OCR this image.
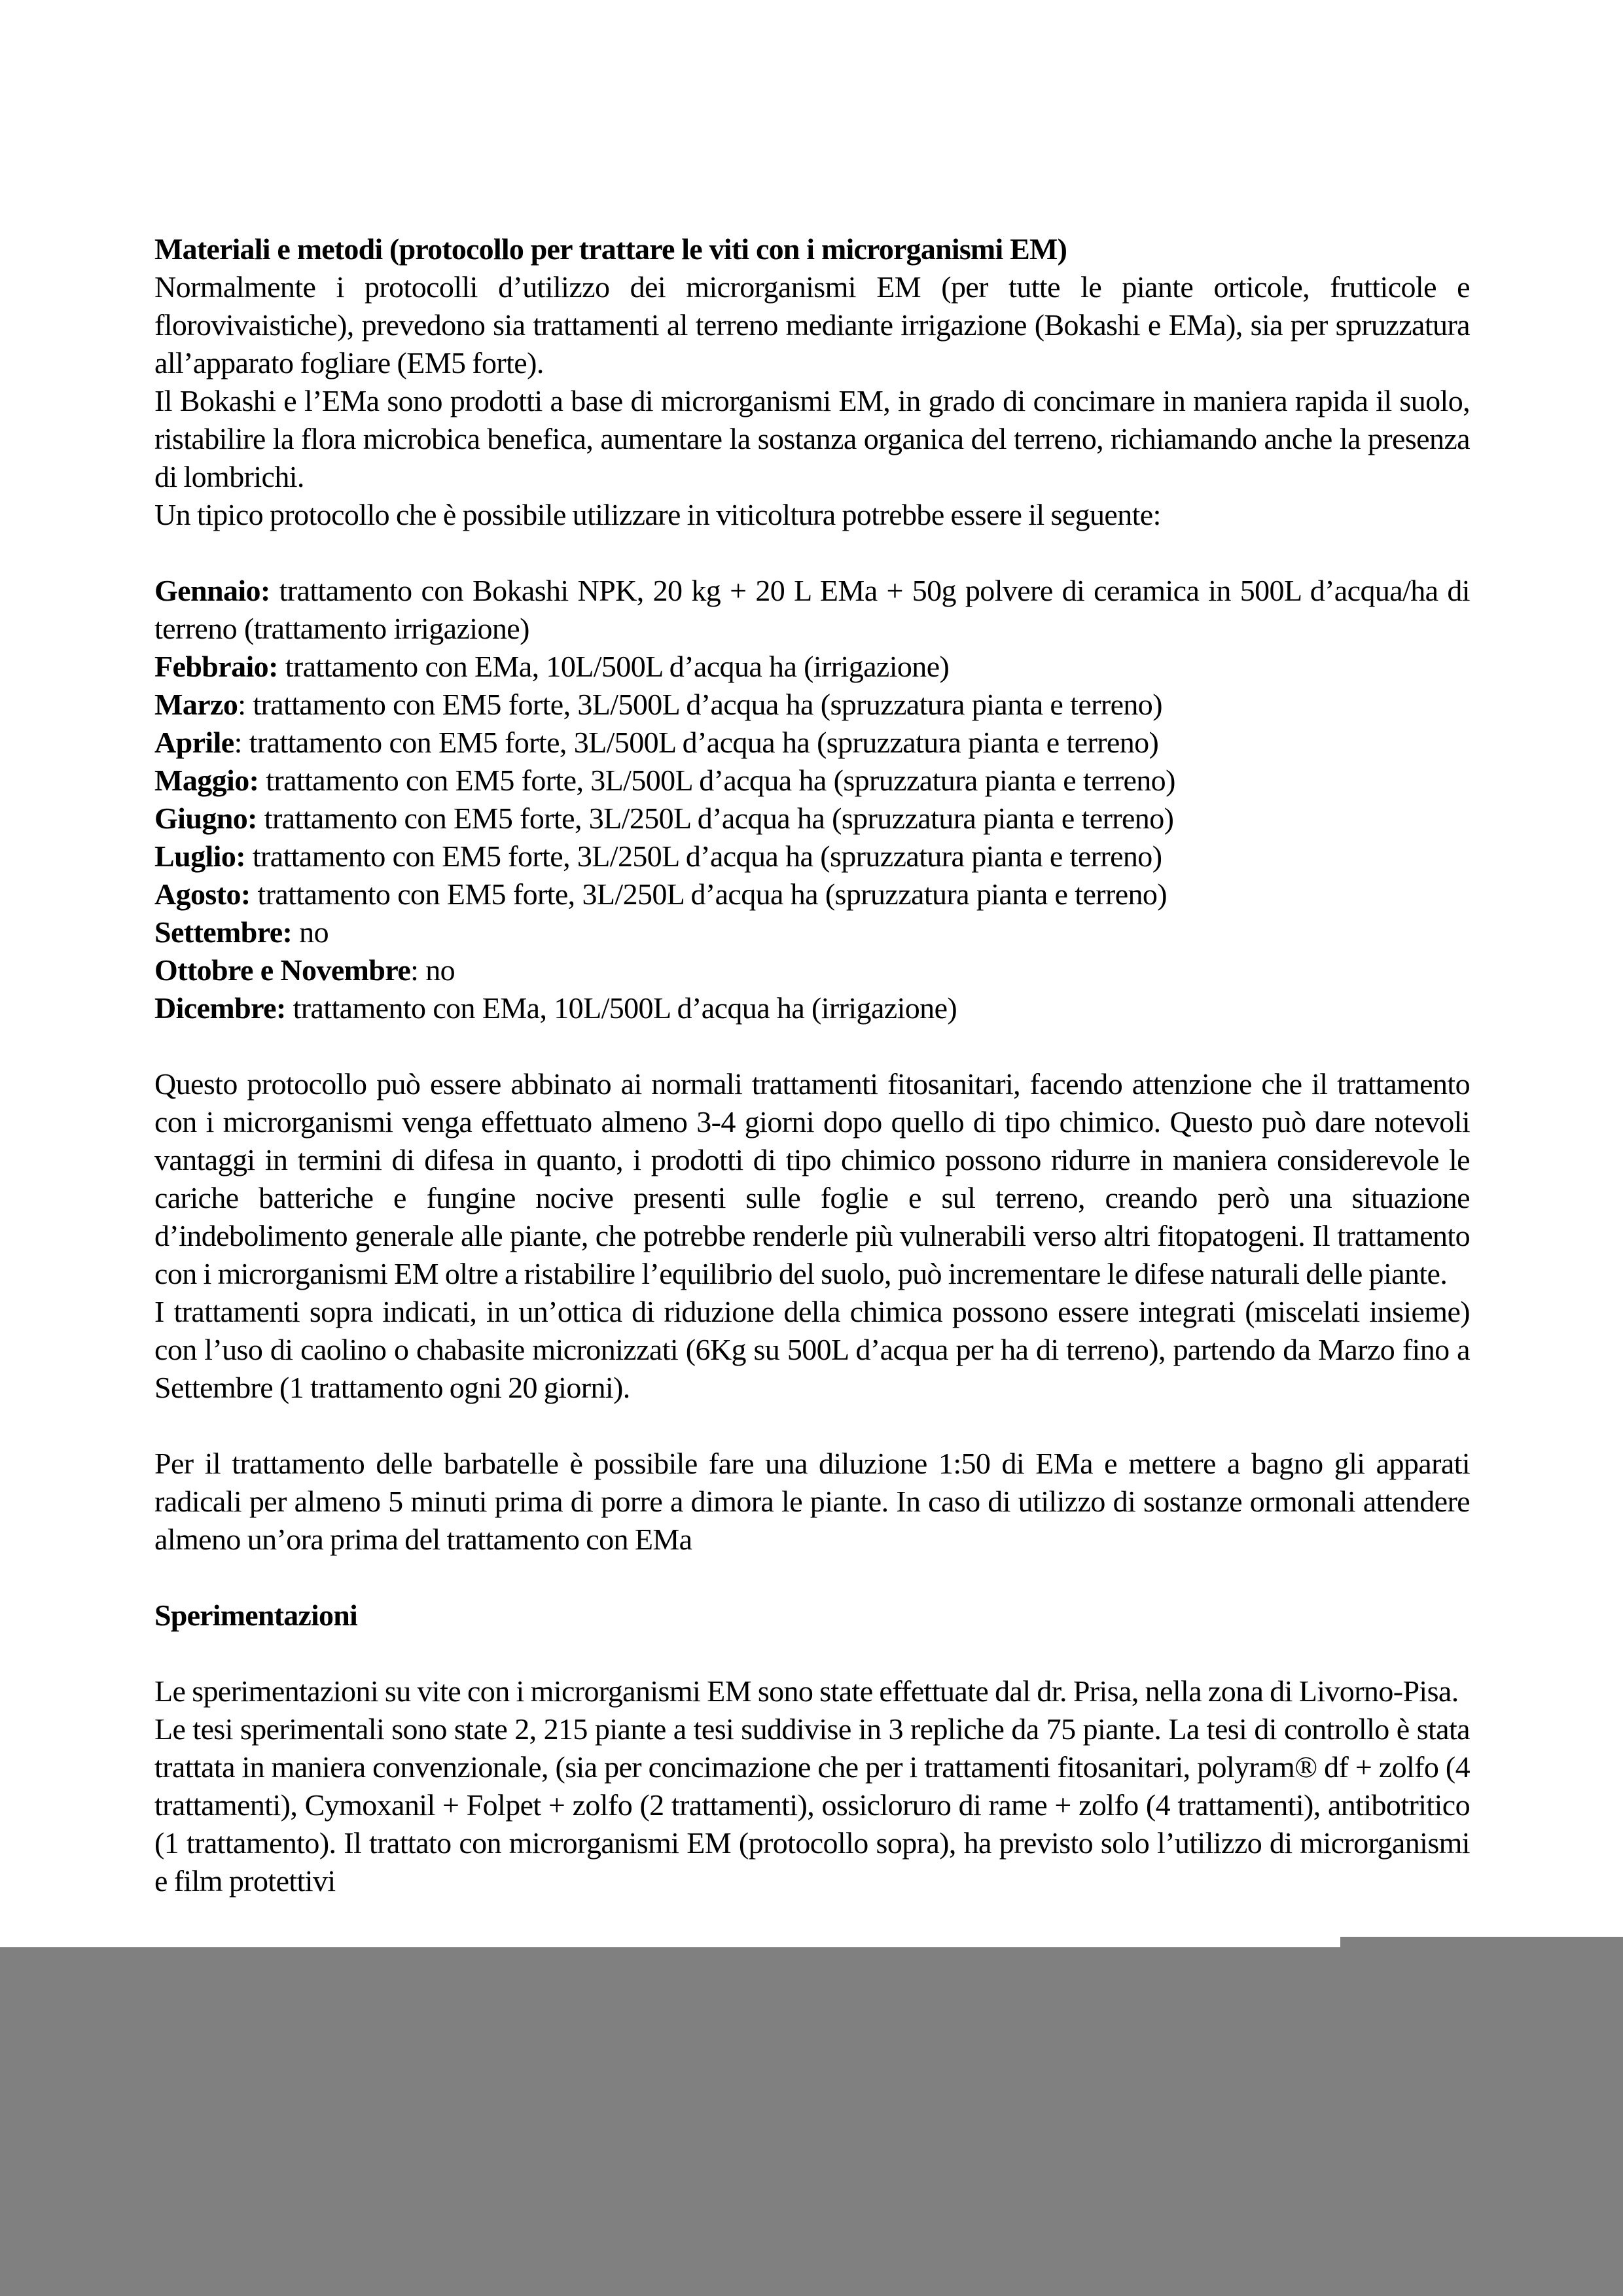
Materiali e metodi (protocollo per trattare le viti con i microrganismi EM)

Normalmente i protocolli d’utilizzo dei microrganismi EM (per tutte le piante orticole, frutticole e florovivaistiche), prevedono sia trattamenti al terreno mediante irrigazione (Bokashi e EMa), sia per spruzzatura all’apparato fogliare (EM5 forte).

Il Bokashi e l’EMa sono prodotti a base di microrganismi EM, in grado di concimare in maniera rapida il suolo, ristabilire la flora microbica benefica, aumentare la sostanza organica del terreno, richiamando anche la presenza di lombrichi.

Un tipico protocollo che è possibile utilizzare in viticoltura potrebbe essere il seguente:

Gennaio: trattamento con Bokashi NPK, 20 kg + 20 L EMa + 50g polvere di ceramica in 500L d’acqua/ha di terreno (trattamento irrigazione)
Febbraio: trattamento con EMa, 10L/500L d’acqua ha (irrigazione)
Marzo: trattamento con EM5 forte, 3L/500L d’acqua ha (spruzzatura pianta e terreno)
Aprile: trattamento con EM5 forte, 3L/500L d’acqua ha (spruzzatura pianta e terreno)
Maggio: trattamento con EM5 forte, 3L/500L d’acqua ha (spruzzatura pianta e terreno)
Giugno: trattamento con EM5 forte, 3L/250L d’acqua ha (spruzzatura pianta e terreno)
Luglio: trattamento con EM5 forte, 3L/250L d’acqua ha (spruzzatura pianta e terreno)
Agosto: trattamento con EM5 forte, 3L/250L d’acqua ha (spruzzatura pianta e terreno)
Settembre: no
Ottobre e Novembre: no
Dicembre: trattamento con EMa, 10L/500L d’acqua ha (irrigazione)

Questo protocollo può essere abbinato ai normali trattamenti fitosanitari, facendo attenzione che il trattamento con i microrganismi venga effettuato almeno 3-4 giorni dopo quello di tipo chimico. Questo può dare notevoli vantaggi in termini di difesa in quanto, i prodotti di tipo chimico possono ridurre in maniera considerevole le cariche batteriche e fungine nocive presenti sulle foglie e sul terreno, creando però una situazione d’indebolimento generale alle piante, che potrebbe renderle più vulnerabili verso altri fitopatogeni. Il trattamento con i microrganismi EM oltre a ristabilire l’equilibrio del suolo, può incrementare le difese naturali delle piante.

I trattamenti sopra indicati, in un’ottica di riduzione della chimica possono essere integrati (miscelati insieme) con l’uso di caolino o chabasite micronizzati (6Kg su 500L d’acqua per ha di terreno), partendo da Marzo fino a Settembre (1 trattamento ogni 20 giorni).

Per il trattamento delle barbatelle è possibile fare una diluzione 1:50 di EMa e mettere a bagno gli apparati radicali per almeno 5 minuti prima di porre a dimora le piante. In caso di utilizzo di sostanze ormonali attendere almeno un’ora prima del trattamento con EMa

Sperimentazioni

Le sperimentazioni su vite con i microrganismi EM sono state effettuate dal dr. Prisa, nella zona di Livorno-Pisa.

Le tesi sperimentali sono state 2, 215 piante a tesi suddivise in 3 repliche da 75 piante. La tesi di controllo è stata trattata in maniera convenzionale, (sia per concimazione che per i trattamenti fitosanitari, polyram® df + zolfo (4 trattamenti), Cymoxanil + Folpet + zolfo (2 trattamenti), ossicloruro di rame + zolfo (4 trattamenti), antibotritico (1 trattamento). Il trattato con microrganismi EM (protocollo sopra), ha previsto solo l’utilizzo di microrganismi e film protettivi
